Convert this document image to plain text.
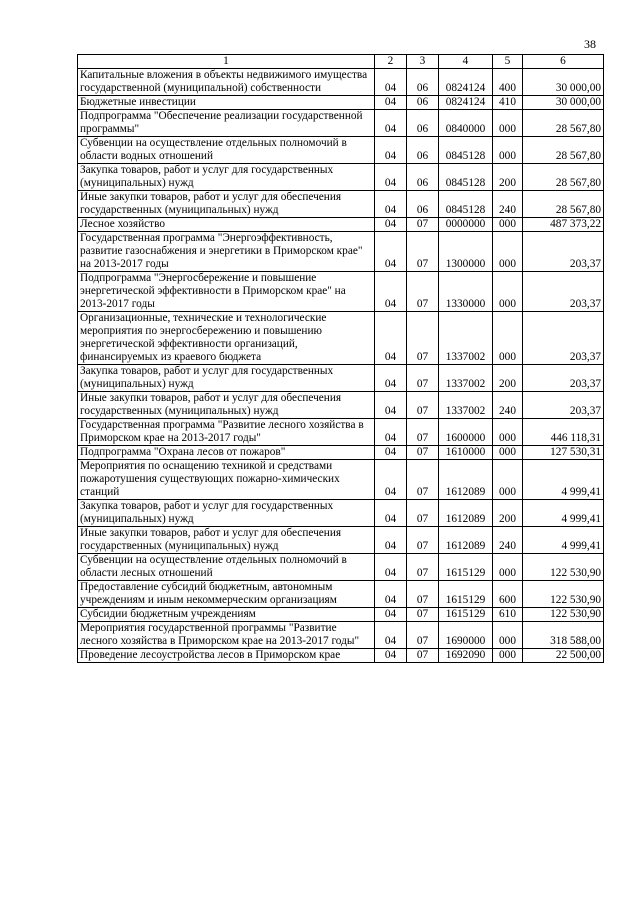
38
1	2	3	4	5	6
Капитальные вложения в объекты недвижимого имущества государственной (муниципальной) собственности	04	06	0824124	400	30 000,00
Бюджетные инвестиции	04	06	0824124	410	30 000,00
Подпрограмма "Обеспечение реализации государственной программы"	04	06	0840000	000	28 567,80
Субвенции на осуществление отдельных полномочий в области водных отношений	04	06	0845128	000	28 567,80
Закупка товаров, работ и услуг для государственных (муниципальных) нужд	04	06	0845128	200	28 567,80
Иные закупки товаров, работ и услуг для обеспечения государственных (муниципальных) нужд	04	06	0845128	240	28 567,80
Лесное хозяйство	04	07	0000000	000	487 373,22
Государственная программа "Энергоэффективность, развитие газоснабжения и энергетики в Приморском крае" на 2013-2017 годы	04	07	1300000	000	203,37
Подпрограмма "Энергосбережение и повышение энергетической эффективности в Приморском крае" на 2013-2017 годы	04	07	1330000	000	203,37
Организационные, технические и технологические мероприятия по энергосбережению и повышению энергетической эффективности организаций, финансируемых из краевого бюджета	04	07	1337002	000	203,37
Закупка товаров, работ и услуг для государственных (муниципальных) нужд	04	07	1337002	200	203,37
Иные закупки товаров, работ и услуг для обеспечения государственных (муниципальных) нужд	04	07	1337002	240	203,37
Государственная программа "Развитие лесного хозяйства в Приморском крае на 2013-2017 годы"	04	07	1600000	000	446 118,31
Подпрограмма "Охрана лесов от пожаров"	04	07	1610000	000	127 530,31
Мероприятия по оснащению техникой и средствами пожаротушения существующих пожарно-химических станций	04	07	1612089	000	4 999,41
Закупка товаров, работ и услуг для государственных (муниципальных) нужд	04	07	1612089	200	4 999,41
Иные закупки товаров, работ и услуг для обеспечения государственных (муниципальных) нужд	04	07	1612089	240	4 999,41
Субвенции на осуществление отдельных полномочий в области лесных отношений	04	07	1615129	000	122 530,90
Предоставление субсидий бюджетным, автономным учреждениям и иным некоммерческим организациям	04	07	1615129	600	122 530,90
Субсидии бюджетным учреждениям	04	07	1615129	610	122 530,90
Мероприятия государственной программы "Развитие лесного хозяйства в Приморском крае на 2013-2017 годы"	04	07	1690000	000	318 588,00
Проведение лесоустройства лесов в Приморском крае	04	07	1692090	000	22 500,00
